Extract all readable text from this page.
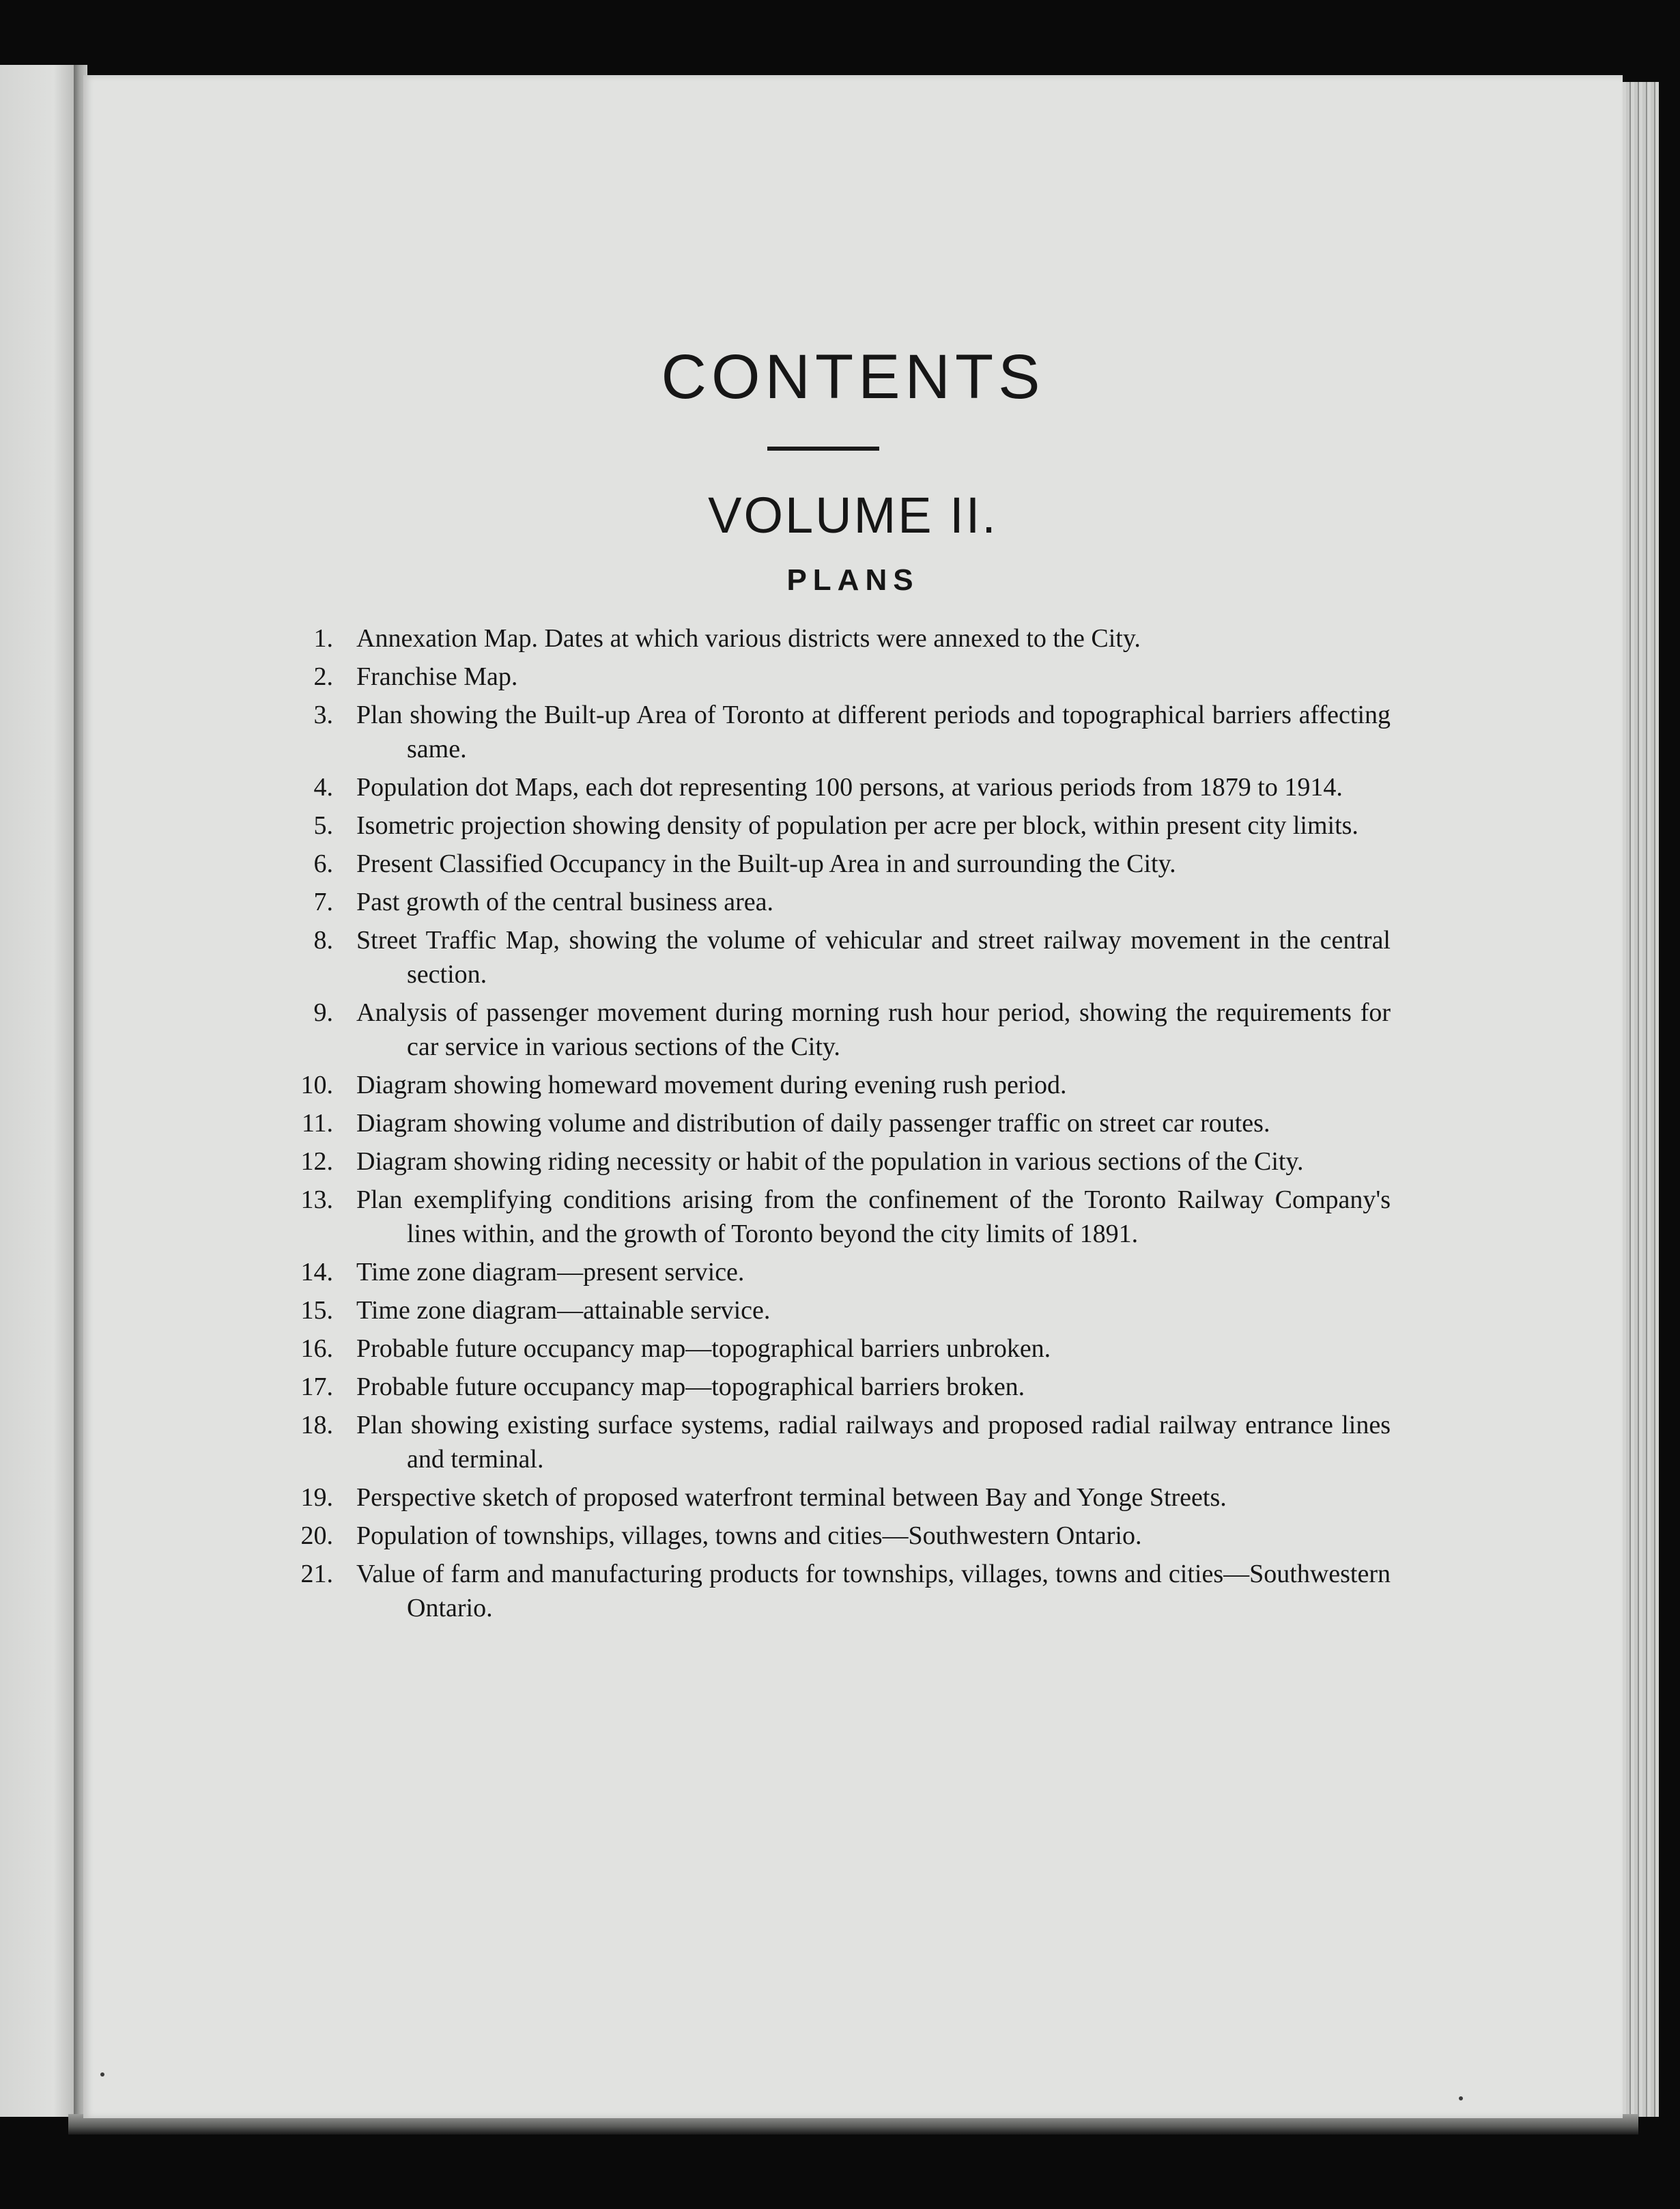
CONTENTS
VOLUME II.
PLANS
1. Annexation Map. Dates at which various districts were annexed to the City.
2. Franchise Map.
3. Plan showing the Built-up Area of Toronto at different periods and topographical barriers affecting same.
4. Population dot Maps, each dot representing 100 persons, at various periods from 1879 to 1914.
5. Isometric projection showing density of population per acre per block, within present city limits.
6. Present Classified Occupancy in the Built-up Area in and surrounding the City.
7. Past growth of the central business area.
8. Street Traffic Map, showing the volume of vehicular and street railway movement in the central section.
9. Analysis of passenger movement during morning rush hour period, showing the requirements for car service in various sections of the City.
10. Diagram showing homeward movement during evening rush period.
11. Diagram showing volume and distribution of daily passenger traffic on street car routes.
12. Diagram showing riding necessity or habit of the population in various sections of the City.
13. Plan exemplifying conditions arising from the confinement of the Toronto Railway Company's lines within, and the growth of Toronto beyond the city limits of 1891.
14. Time zone diagram—present service.
15. Time zone diagram—attainable service.
16. Probable future occupancy map—topographical barriers unbroken.
17. Probable future occupancy map—topographical barriers broken.
18. Plan showing existing surface systems, radial railways and proposed radial railway entrance lines and terminal.
19. Perspective sketch of proposed waterfront terminal between Bay and Yonge Streets.
20. Population of townships, villages, towns and cities—Southwestern Ontario.
21. Value of farm and manufacturing products for townships, villages, towns and cities—Southwestern Ontario.
